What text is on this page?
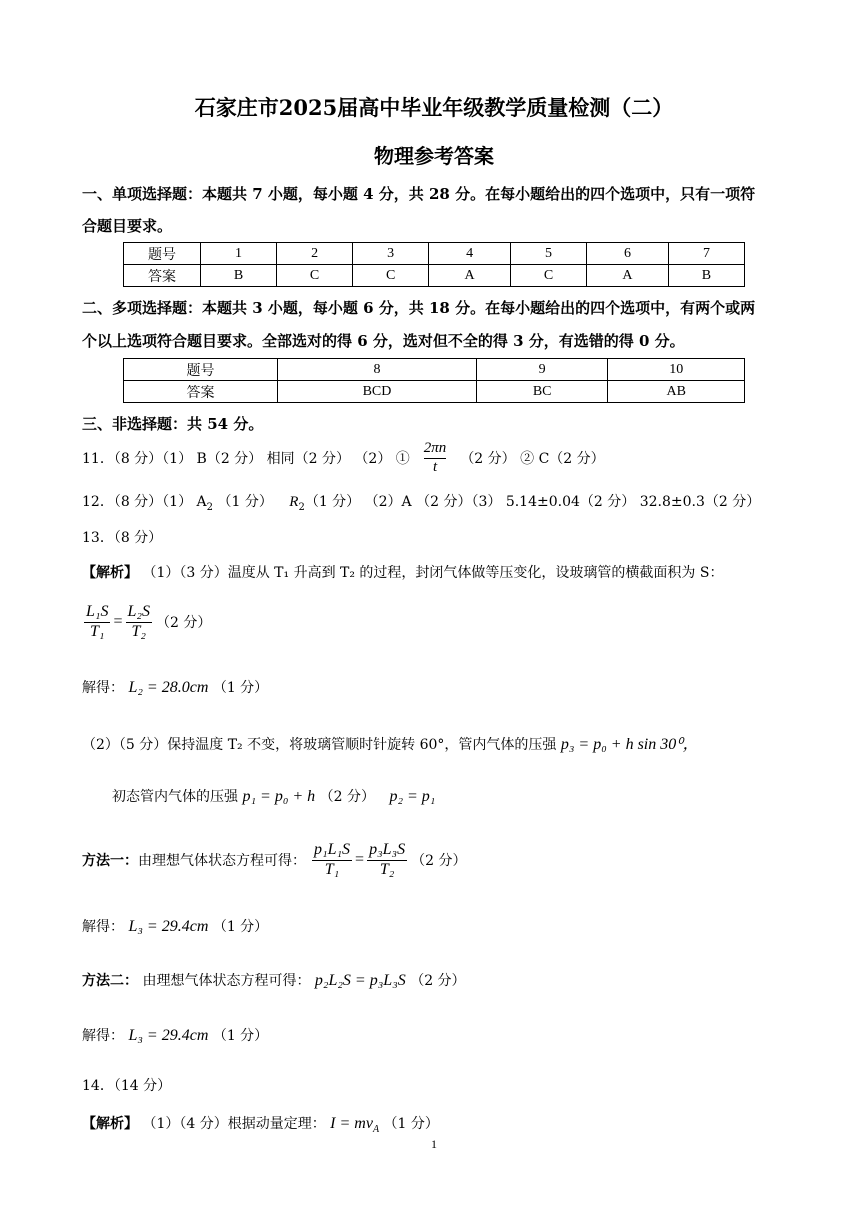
石家庄市2025届高中毕业年级教学质量检测（二）
物理参考答案
一、单项选择题：本题共 7 小题，每小题 4 分，共 28 分。在每小题给出的四个选项中，只有一项符
合题目要求。
题号	1	2	3	4	5	6	7
答案	B	C	C	A	C	A	B
二、多项选择题：本题共 3 小题，每小题 6 分，共 18 分。在每小题给出的四个选项中，有两个或两
个以上选项符合题目要求。全部选对的得 6 分，选对但不全的得 3 分，有选错的得 0 分。
题号	8	9	10
答案	BCD	BC	AB
三、非选择题：共 54 分。
11．（8 分）（1） B（2 分） 相同（2 分） （2） ① $\frac{2\pi n}{t} (2$ 分） ② C（2 分）
12．（8 分）（1） $A_2$ （1 分） $R_2(1$ 分） （2）A （2 分）（3） 5.14±0.04（2 分） 32.8±0.3（2 分）
13．（8 分）
【解析】 （1）（3 分）温度从 T₁ 升高到 T₂ 的过程，封闭气体做等压变化，设玻璃管的横截面积为 S：
$\frac{\text{L₁S}}{\text{T₁}} = \frac{\text{L₂S}}{\text{T₂}} (2$ 分）
解得： L₂ = 28.0cm （1 分）
（2）（5 分）保持温度 T₂ 不变，将玻璃管顺时针旋转 60°，管内气体的压强 p₃ = p₀ + h sin 30⁰，
初态管内气体的压强 p₁ = p₀ + h （2 分） p₂ = p₁
方法一： 由理想气体状态方程可得： $\frac{\text{p₁L₁S}}{\text{T₁}} = \frac{\text{p₃L₃S}}{\text{T₂}} (2$ 分）
解得： L₃ = 29.4cm （1 分）
方法二： 由理想气体状态方程可得： p₂L₂S = p₃L₃S （2 分）
解得： L₃ = 29.4cm （1 分）
14．（14 分）
【解析】 （1）（4 分）根据动量定理： $I = mv_A$ （1 分）
1
